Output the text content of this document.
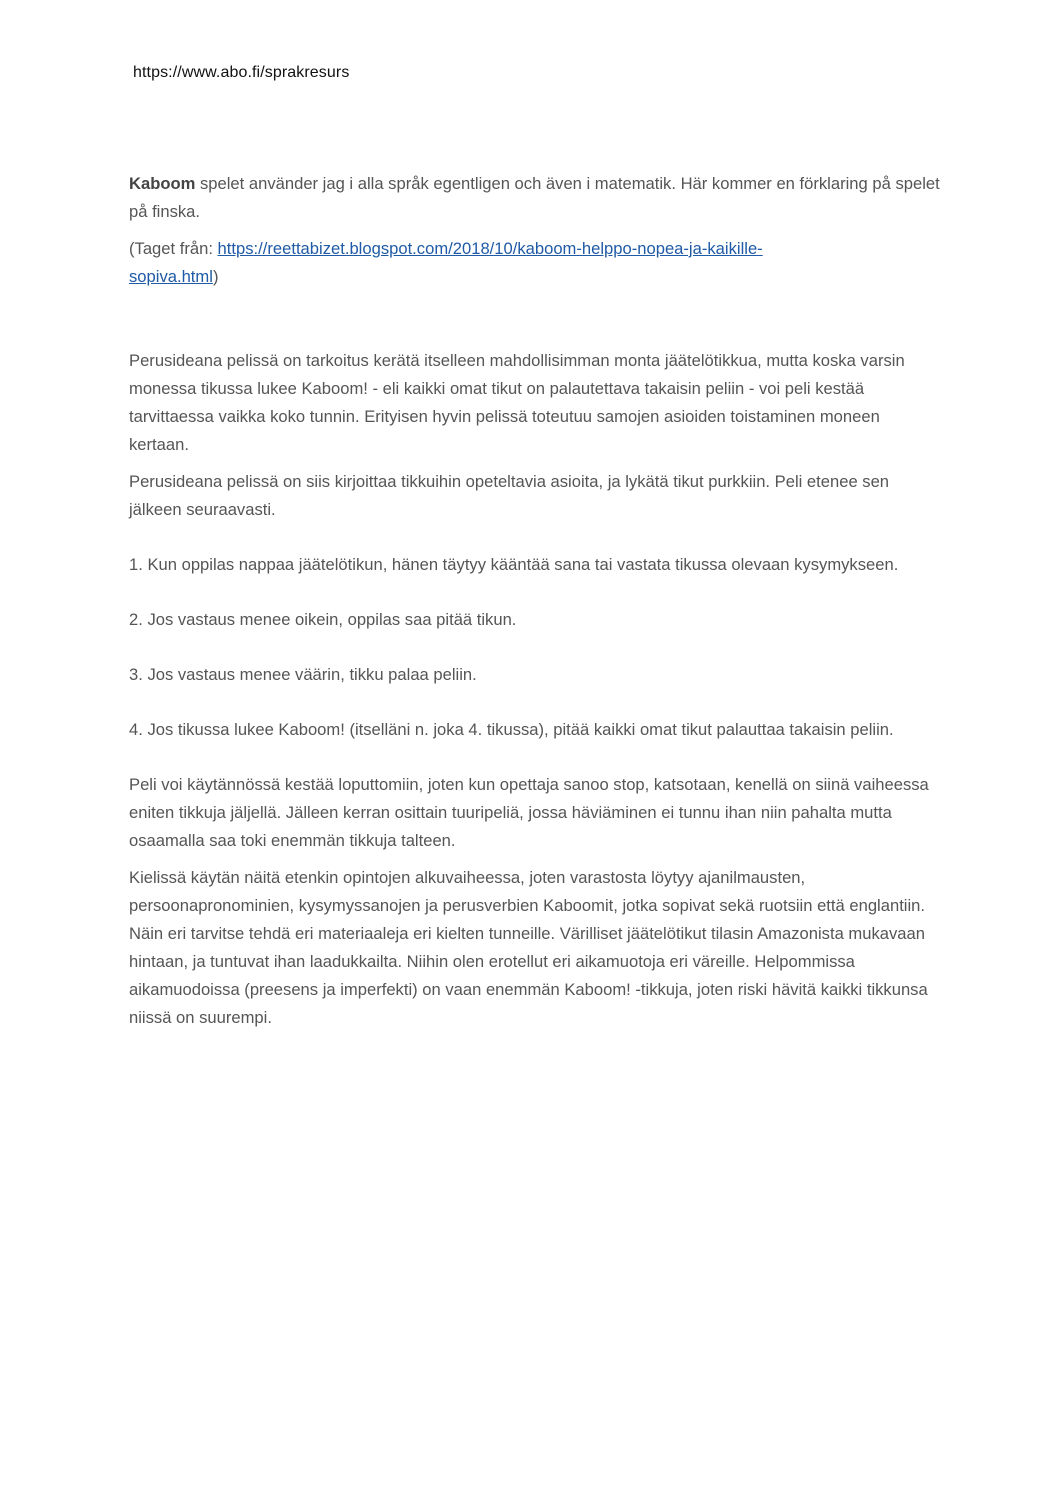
https://www.abo.fi/sprakresurs

Kaboom spelet använder jag i alla språk egentligen och även i matematik. Här kommer en förklaring på spelet på finska.

(Taget från: https://reettabizet.blogspot.com/2018/10/kaboom-helppo-nopea-ja-kaikille-
sopiva.html)

Perusideana pelissä on tarkoitus kerätä itselleen mahdollisimman monta jäätelötikkua, mutta koska varsin monessa tikussa lukee Kaboom! - eli kaikki omat tikut on palautettava takaisin peliin - voi peli kestää tarvittaessa vaikka koko tunnin. Erityisen hyvin pelissä toteutuu samojen asioiden toistaminen moneen kertaan.

Perusideana pelissä on siis kirjoittaa tikkuihin opeteltavia asioita, ja lykätä tikut purkkiin. Peli etenee sen jälkeen seuraavasti.

1. Kun oppilas nappaa jäätelötikun, hänen täytyy kääntää sana tai vastata tikussa olevaan kysymykseen.

2. Jos vastaus menee oikein, oppilas saa pitää tikun.

3. Jos vastaus menee väärin, tikku palaa peliin.

4. Jos tikussa lukee Kaboom! (itselläni n. joka 4. tikussa), pitää kaikki omat tikut palauttaa takaisin peliin.

Peli voi käytännössä kestää loputtomiin, joten kun opettaja sanoo stop, katsotaan, kenellä on siinä vaiheessa eniten tikkuja jäljellä. Jälleen kerran osittain tuuripeliä, jossa häviäminen ei tunnu ihan niin pahalta mutta osaamalla saa toki enemmän tikkuja talteen.

Kielissä käytän näitä etenkin opintojen alkuvaiheessa, joten varastosta löytyy ajanilmausten, persoonapronominien, kysymyssanojen ja perusverbien Kaboomit, jotka sopivat sekä ruotsiin että englantiin. Näin eri tarvitse tehdä eri materiaaleja eri kielten tunneille. Värilliset jäätelötikut tilasin Amazonista mukavaan hintaan, ja tuntuvat ihan laadukkailta. Niihin olen erotellut eri aikamuotoja eri väreille. Helpommissa aikamuodoissa (preesens ja imperfekti) on vaan enemmän Kaboom! -tikkuja, joten riski hävitä kaikki tikkunsa niissä on suurempi.
